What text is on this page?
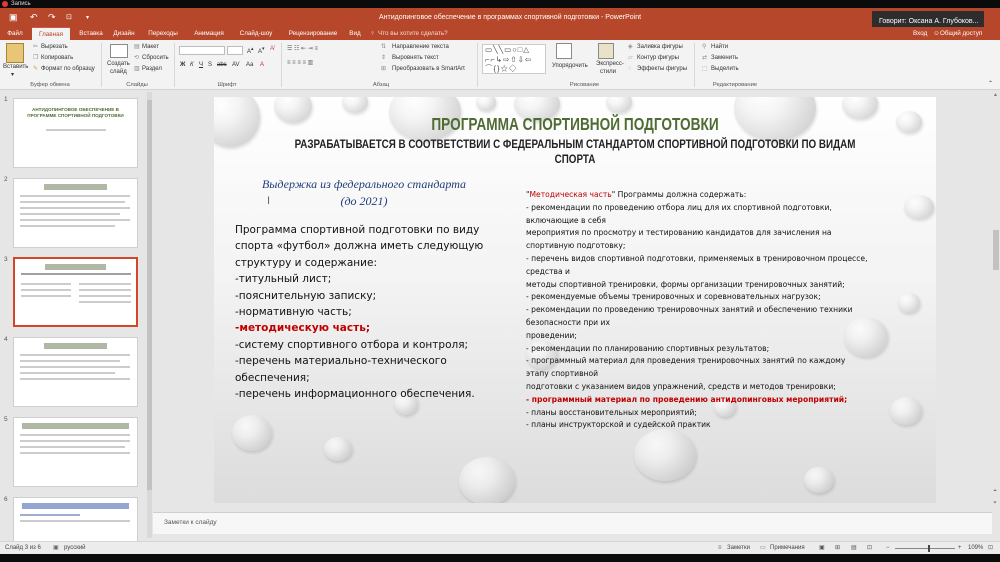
Запись
▣ ↶ ↷ ⊡ ▾	Антидопинговое обеспечение в программах спортивной подготовки - PowerPoint
Говорит: Оксана А. Глубоков...
Файл	Главная	Вставка	Дизайн	Переходы	Анимация	Слайд-шоу	Рецензирование	Вид	♀ Что вы хотите сделать?	Вход ☺ Общий доступ
Вставить
▾
✂ Вырезать
❐ Копировать
✎ Формат по образцу
Буфер обмена
Создать
слайд
▤ Макет
⟲ Сбросить
▥ Раздел
Слайды
A▴ A▾ A̸
Ж К Ч S abc AV Aa A
Шрифт
☰ ☷ ⇤ ⇥ ≡
≡ ≡ ≡ ≡ ▥
⇅ Направление текста
⇕ Выровнять текст
⊞ Преобразовать в SmartArt
Абзац
▭╲╲▭○□△
⌐⌐↳⇨⇧⇩⇦
⌒{}☆◇	Упорядочить Экспресс-
стили
◈ Заливка фигуры
▱ Контур фигуры
◌ Эффекты фигуры
Рисование
⚲ Найти
⇄ Заменить
⬚ Выделить
Редактирование	⌃
1
АНТИДОПИНГОВОЕ ОБЕСПЕЧЕНИЕ В ПРОГРАММЕ СПОРТИВНОЙ ПОДГОТОВКИ
2
3
4
5
6
ПРОГРАММА СПОРТИВНОЙ ПОДГОТОВКИ
РАЗРАБАТЫВАЕТСЯ В СООТВЕТСТВИИ С ФЕДЕРАЛЬНЫМ СТАНДАРТОМ СПОРТИВНОЙ ПОДГОТОВКИ ПО ВИДАМ СПОРТА
Выдержка из федерального стандарта
(до 2021)
Программа спортивной подготовки по виду
спорта «футбол» должна иметь следующую
структуру и содержание:
-титульный лист;
-пояснительную записку;
-нормативную часть;
-методическую часть;
-систему спортивного отбора и контроля;
-перечень материально-технического
обеспечения;
-перечень информационного обеспечения.
"Методическая часть" Программы должна содержать:
- рекомендации по проведению отбора лиц для их спортивной подготовки,
включающие в себя
мероприятия по просмотру и тестированию кандидатов для зачисления на
спортивную подготовку;
- перечень видов спортивной подготовки, применяемых в тренировочном процессе,
средства и
методы спортивной тренировки, формы организации тренировочных занятий;
- рекомендуемые объемы тренировочных и соревновательных нагрузок;
- рекомендации по проведению тренировочных занятий и обеспечению техники
безопасности при их
проведении;
- рекомендации по планированию спортивных результатов;
- программный материал для проведения тренировочных занятий по каждому
этапу спортивной
подготовки с указанием видов упражнений, средств и методов тренировки;
- программный материал по проведению антидопинговых мероприятий;
- планы восстановительных мероприятий;
- планы инструкторской и судейской практик
I
▲
⏶
⏷
Заметки к слайду
Слайд 3 из 6 ▣ русский	≡ Заметки ▭ Примечания ▣ ⊞ ▤ ⊡ −	+ 109% ⊡
